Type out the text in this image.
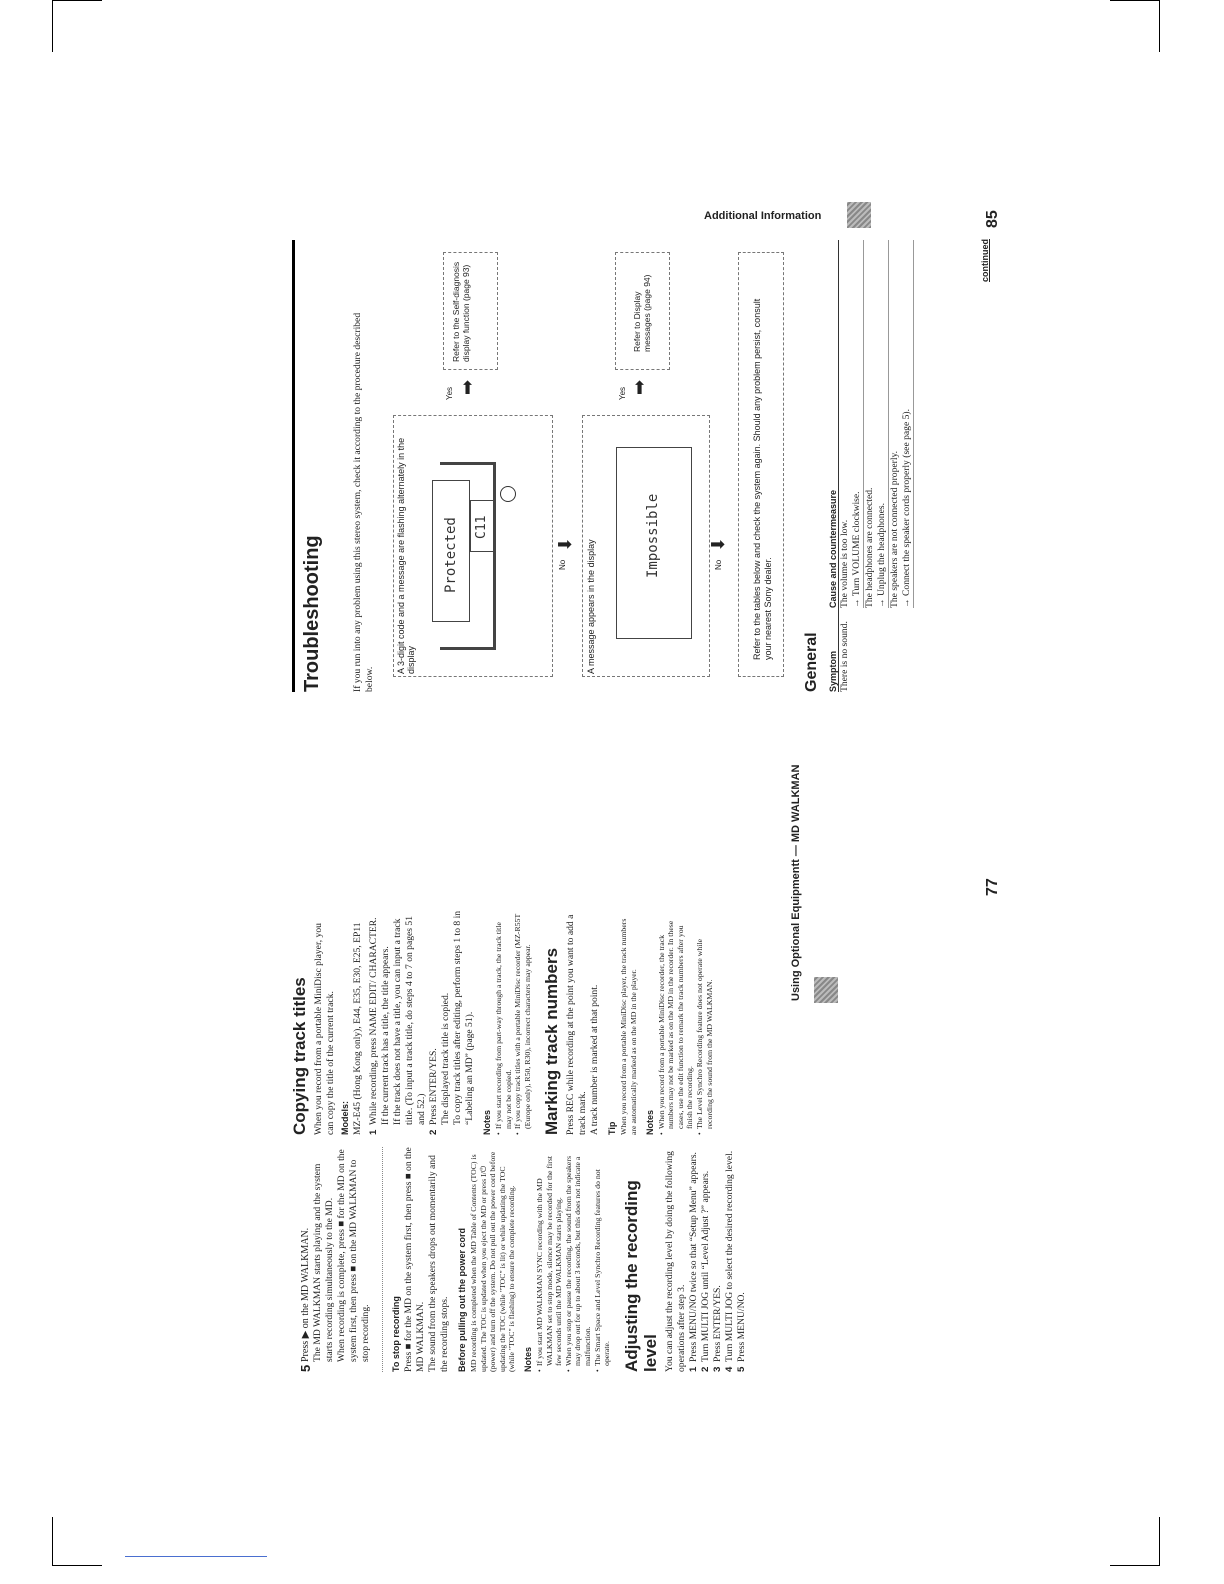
Using Optional Equipmentt — MD WALKMAN	77
5

Press ▶ on the MD WALKMAN. The MD WALKMAN starts playing and the system starts recording simultaneously to the MD. When recording is complete, press ■ for the MD on the system first, then press ■ on the MD WALKMAN to stop recording. To stop recording Press ■ for the MD on the system first, then press ■ on the MD WALKMAN. The sound from the speakers drops out momentarily and the recording stops. Before pulling out the power cord MD recording is completed when the MD Table of Contents (TOC) is updated. The TOC is updated when you eject the MD or press I/⏻ (power) and turn off the system. Do not pull out the power cord before updating the TOC (while "TOC" is lit) or while updating the TOC (while "TOC" is flashing) to ensure the complete recording. Notes •
If you start MD WALKMAN SYNC recording with the MD WALKMAN set to stop mode, silence may be recorded for the first few seconds until the MD WALKMAN starts playing.
•
When you stop or pause the recording, the sound from the speakers may drop out for up to about 3 seconds, but this does not indicate a malfunction.
•
The Smart Space and Level Synchro Recording features do not operate. Adjusting the recording level You can adjust the recording level by doing the following operations after step 3. 1
Press MENU/NO twice so that “Setup Menu” appears.
2
Turn MULTI JOG until “Level Adjust ?” appears.
3
Press ENTER/YES.
4
Turn MULTI JOG to select the desired recording level.
5
Press MENU/NO.
Copying track titles When you record from a portable MiniDisc player, you can copy the title of the current track. Models: MZ-E45 (Hong Kong only), E44, E35, E30, E25, EP11 1

While recording, press NAME EDIT/ CHARACTER. If the current track has a title, the title appears. If the track does not have a title, you can input a track title. (To input a track title, do steps 4 to 7 on pages 51 and 52.)

2

Press ENTER/YES. The displayed track title is copied. To copy track titles after editing, perform steps 1 to 8 in “Labeling an MD” (page 51). Notes •
If you start recording from part-way through a track, the track title may not be copied.
•
If you copy track titles with a portable MiniDisc recorder (MZ-R55T (Europe only), R50, R30), incorrect characters may appear. Marking track numbers Press REC while recording at the point you want to add a track mark. A track number is marked at that point. Tip When you record from a portable MiniDisc player, the track numbers are automatically marked as on the MD in the player. Notes •
When you record from a portable MiniDisc recorder, the track numbers may not be marked as on the MD in the recorder. In these cases, use the edit function to remark the track numbers after you finish the recording.
•
The Level Synchro Recording feature does not operate while recording the sound from the MD WALKMAN.
Additional Information	85
continued
Troubleshooting	If you run into any problem using this stereo system, check it according to the procedure described below.

A 3-digit code and a message are flashing alternately in the display
Protected C11
Yes ⬆
Refer to the Self-diagnosis display function (page 93)
No
➡ A message appears in the display
Impossible
Yes ⬆
Refer to Display messages (page 94)
No
➡	Refer to the tables below and check the system again. Should any problem persist, consult your nearest Sony dealer.
General Symptom	Cause and countermeasure
There is no sound.	The volume is too low. → Turn VOLUME clockwise.

	The headphones are connected. → Unplug the headphones.

	The speakers are not connected properly. → Connect the speaker cords properly (see page 5).
